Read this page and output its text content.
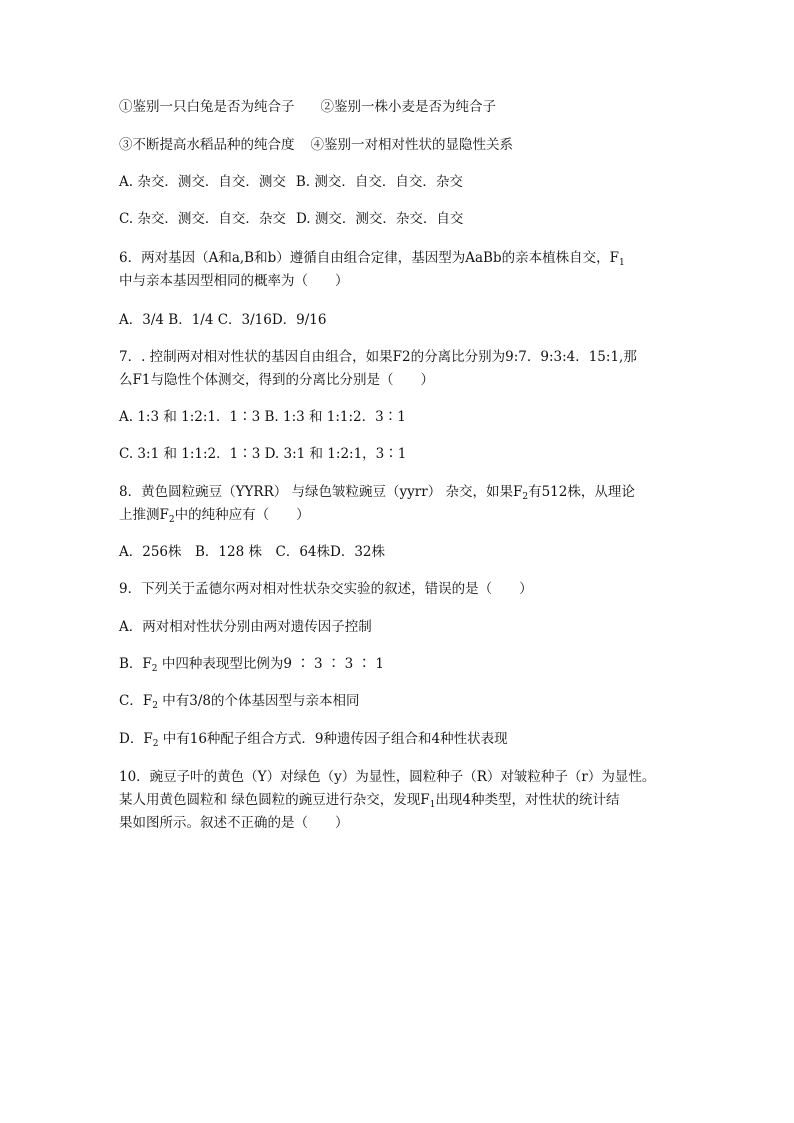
①鉴别一只白兔是否为纯合子 ②鉴别一株小麦是否为纯合子
③不断提高水稻品种的纯合度 ④鉴别一对相对性状的显隐性关系
A. 杂交．测交．自交．测交 B. 测交．自交．自交．杂交
C. 杂交．测交．自交．杂交 D. 测交．测交．杂交．自交
6．两对基因（A和a,B和b）遵循自由组合定律，基因型为AaBb的亲本植株自交，$F_1$
中与亲本基因型相同的概率为（　　）
A．3/4 B．1/4 C．3/16D．9/16
7．. 控制两对相对性状的基因自由组合，如果F2的分离比分别为9:7．9:3:4．15:1,那
么F1与隐性个体测交，得到的分离比分别是（　　）
A. 1:3 和 1:2:1．1∶3 B. 1:3 和 1:1:2．3∶1
C. 3:1 和 1:1:2．1∶3 D. 3:1 和 1:2:1，3∶1
8．黄色圆粒豌豆（YYRR） 与绿色皱粒豌豆（yyrr） 杂交，如果$F_2$有512株，从理论
上推测$F_2$中的纯种应有（　　）
A．256株　B．128 株　C．64株D．32株
9．下列关于孟德尔两对相对性状杂交实验的叙述，错误的是（　　）
A．两对相对性状分别由两对遗传因子控制
B．$F_2$ 中四种表现型比例为9 ∶ 3 ∶ 3 ∶ 1
C．$F_2$ 中有3/8的个体基因型与亲本相同
D．$F_2$ 中有16种配子组合方式．9种遗传因子组合和4种性状表现
10．豌豆子叶的黄色（Y）对绿色（y）为显性，圆粒种子（R）对皱粒种子（r）为显性。
某人用黄色圆粒和 绿色圆粒的豌豆进行杂交，发现$F_1$出现4种类型，对性状的统计结
果如图所示。叙述不正确的是（　　）
